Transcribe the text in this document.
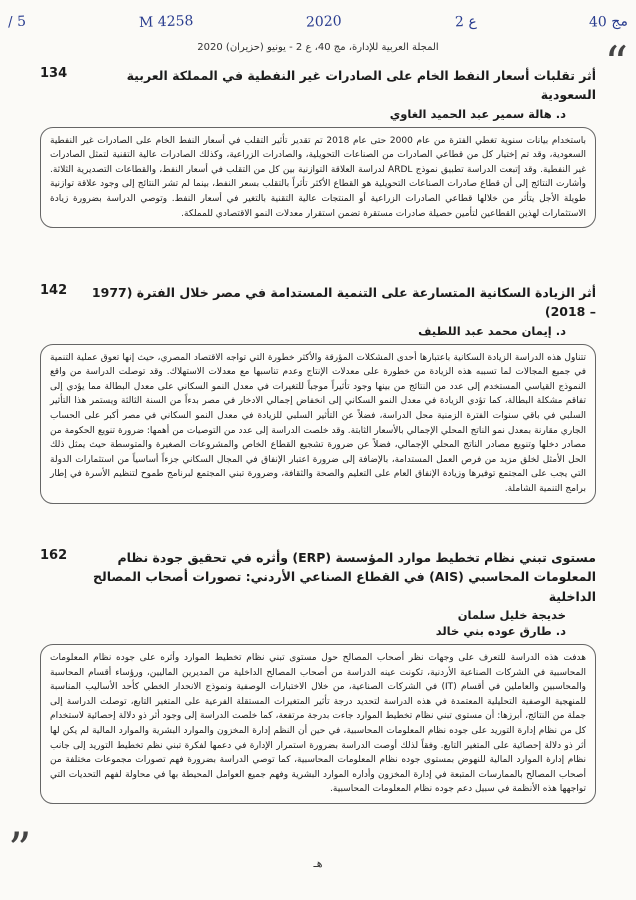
/ 5	M 4258	2020	ع 2	مج 40
“
المجلة العربية للإدارة، مج 40، ع 2 - يونيو (حزيران) 2020
أثر تقلبات أسعار النفط الخام على الصادرات غير النفطية في المملكة العربية السعودية
134
د. هالة سمير عبد الحميد الغاوي
باستخدام بيانات سنوية تغطي الفترة من عام 2000 حتى عام 2018 تم تقدير تأثير التقلب في أسعار النفط الخام على الصادرات غير النفطية السعودية، وقد تم إختيار كل من قطاعي الصادرات من الصناعات التحويلية، والصادرات الزراعية، وكذلك الصادرات عالية التقنية لتمثل الصادرات غير النفطية. وقد إتبعت الدراسة تطبيق نموذج ARDL لدراسة العلاقة التوازنية بين كل من التقلب في أسعار النفط، والقطاعات التصديرية الثلاثة. وأشارت النتائج إلى أن قطاع صادرات الصناعات التحويلية هو القطاع الأكثر تأثراً بالتقلب بسعر النفط، بينما لم تشر النتائج إلى وجود علاقة توازنية طويلة الأجل يتأثر من خلالها قطاعي الصادرات الزراعية أو المنتجات عالية التقنية بالتغير في أسعار النفط. وتوصي الدراسة بضرورة زيادة الاستثمارات لهذين القطاعين لتأمين حصيلة صادرات مستقرة تضمن استقرار معدلات النمو الاقتصادي للمملكة.
أثر الزيادة السكانية المتسارعة على التنمية المستدامة في مصر خلال الفترة (1977 – 2018)
142
د. إيمان محمد عبد اللطيف
تتناول هذه الدراسة الزيادة السكانية باعتبارها أحدى المشكلات المؤرقة والأكثر خطورة التي تواجه الاقتصاد المصري، حيث إنها تعوق عملية التنمية في جميع المجالات لما تسببه هذه الزيادة من خطورة على معدلات الإنتاج وعدم تناسبها مع معدلات الاستهلاك. وقد توصلت الدراسة من واقع النموذج القياسي المستخدم إلى عدد من النتائج من بينها وجود تأثيراً موجباً للتغيرات في معدل النمو السكاني على معدل البطالة مما يؤدي إلى تفاقم مشكلة البطالة، كما تؤدي الزيادة في معدل النمو السكاني إلى انخفاض إجمالي الادخار في مصر بدءاً من السنة الثالثة ويستمر هذا التأثير السلبي في باقي سنوات الفترة الزمنية محل الدراسة، فضلاً عن التأثير السلبي للزيادة في معدل النمو السكاني في مصر أكبر على الحساب الجاري مقارنة بمعدل نمو الناتج المحلي الإجمالي بالأسعار الثابتة. وقد خلصت الدراسة إلى عدد من التوصيات من أهمها: ضرورة تنويع الحكومة من مصادر دخلها وتنويع مصادر الناتج المحلي الإجمالي، فضلاً عن ضرورة تشجيع القطاع الخاص والمشروعات الصغيرة والمتوسطة حيث يمثل ذلك الحل الأمثل لخلق مزيد من فرص العمل المستدامة، بالإضافة إلى ضرورة اعتبار الإنفاق في المجال السكاني جزءاً أساسياً من استثمارات الدولة التي يجب على المجتمع توفيرها وزيادة الإنفاق العام على التعليم والصحة والثقافة، وضرورة تبني المجتمع لبرنامج طموح لتنظيم الأسرة في إطار برامج التنمية الشاملة.
مستوى تبني نظام تخطيط موارد المؤسسة (ERP) وأثره في تحقيق جودة نظام المعلومات المحاسبي (AIS) في القطاع الصناعي الأردني: تصورات أصحاب المصالح الداخلية
162
خديجة خليل سلمان
د. طارق عوده بني خالد
هدفت هذه الدراسة للتعرف على وجهات نظر أصحاب المصالح حول مستوى تبني نظام تخطيط الموارد وأثره على جوده نظام المعلومات المحاسبية في الشركات الصناعية الأردنية، تكونت عينه الدراسة من أصحاب المصالح الداخلية من المديرين الماليين، ورؤساء أقسام المحاسبة والمحاسبين والعاملين في أقسام (IT) في الشركات الصناعية، من خلال الاختبارات الوصفية ونموذج الانحدار الخطي كأحد الأساليب المناسبة للمنهجية الوصفية التحليلية المعتمدة في هذه الدراسة لتحديد درجة تأثير المتغيرات المستقلة الفرعية على المتغير التابع، توصلت الدراسة إلى جملة من النتائج، أبرزها: أن مستوى تبني نظام تخطيط الموارد جاءت بدرجة مرتفعة، كما خلصت الدراسة إلى وجود أثر ذو دلالة إحصائية لاستخدام كل من نظام إدارة التوريد على جوده نظام المعلومات المحاسبية، في حين أن النظم إدارة المخزون والموارد البشرية والموارد المالية لم يكن لها أثر ذو دلالة إحصائية على المتغير التابع. وفقاً لذلك أوصت الدراسة بضرورة استمرار الإدارة في دعمها لفكرة تبني نظم تخطيط التوريد إلى جانب نظام إدارة الموارد المالية للنهوض بمستوى جوده نظام المعلومات المحاسبية، كما توصي الدراسة بضرورة فهم تصورات مجموعات مختلفة من أصحاب المصالح بالممارسات المتبعة في إدارة المخزون وأداره الموارد البشرية وفهم جميع العوامل المحيطة بها في محاولة لفهم التحديات التي تواجهها هذه الأنظمة في سبيل دعم جوده نظام المعلومات المحاسبية.
”	هـ
